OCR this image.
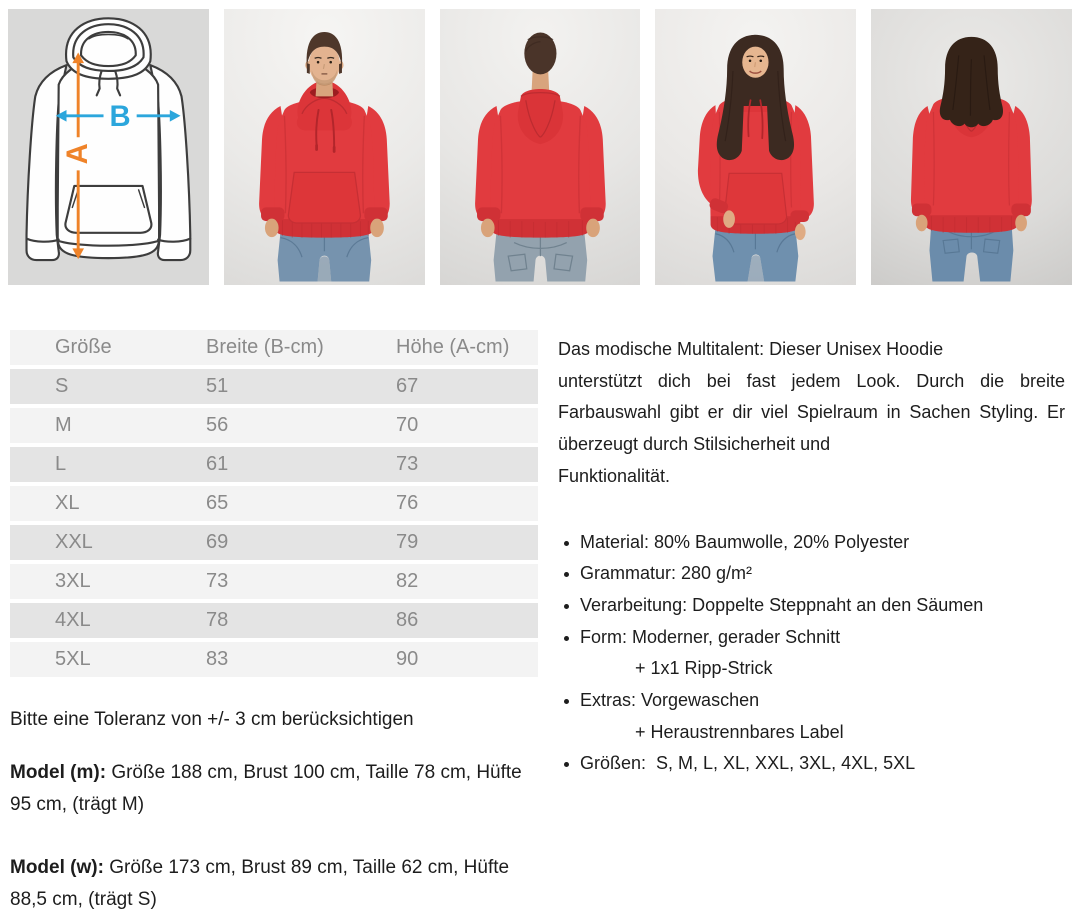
A
B
Größe	Breite (B-cm)	Höhe (A-cm)
S	51	67
M	56	70
L	61	73
XL	65	76
XXL	69	79
3XL	73	82
4XL	78	86
5XL	83	90

Bitte eine Toleranz von +/- 3 cm berücksichtigen

Model (m): Größe 188 cm, Brust 100 cm, Taille 78 cm, Hüfte 95 cm, (trägt M)

Model (w): Größe 173 cm, Brust 89 cm, Taille 62 cm, Hüfte 88,5 cm, (trägt S)

Das modische Multitalent: Dieser Unisex Hoodie
unterstützt dich bei fast jedem Look. Durch die breite Farbauswahl gibt er dir viel Spielraum in Sachen Styling. Er überzeugt durch Stilsicherheit und
Funktionalität.
Material: 80% Baumwolle, 20% Polyester
Grammatur: 280 g/m²
Verarbeitung: Doppelte Steppnaht an den Säumen
Form: Moderner, gerader Schnitt
+ 1x1 Ripp-Strick
Extras: Vorgewaschen
+ Heraustrennbares Label
Größen:  S, M, L, XL, XXL, 3XL, 4XL, 5XL
